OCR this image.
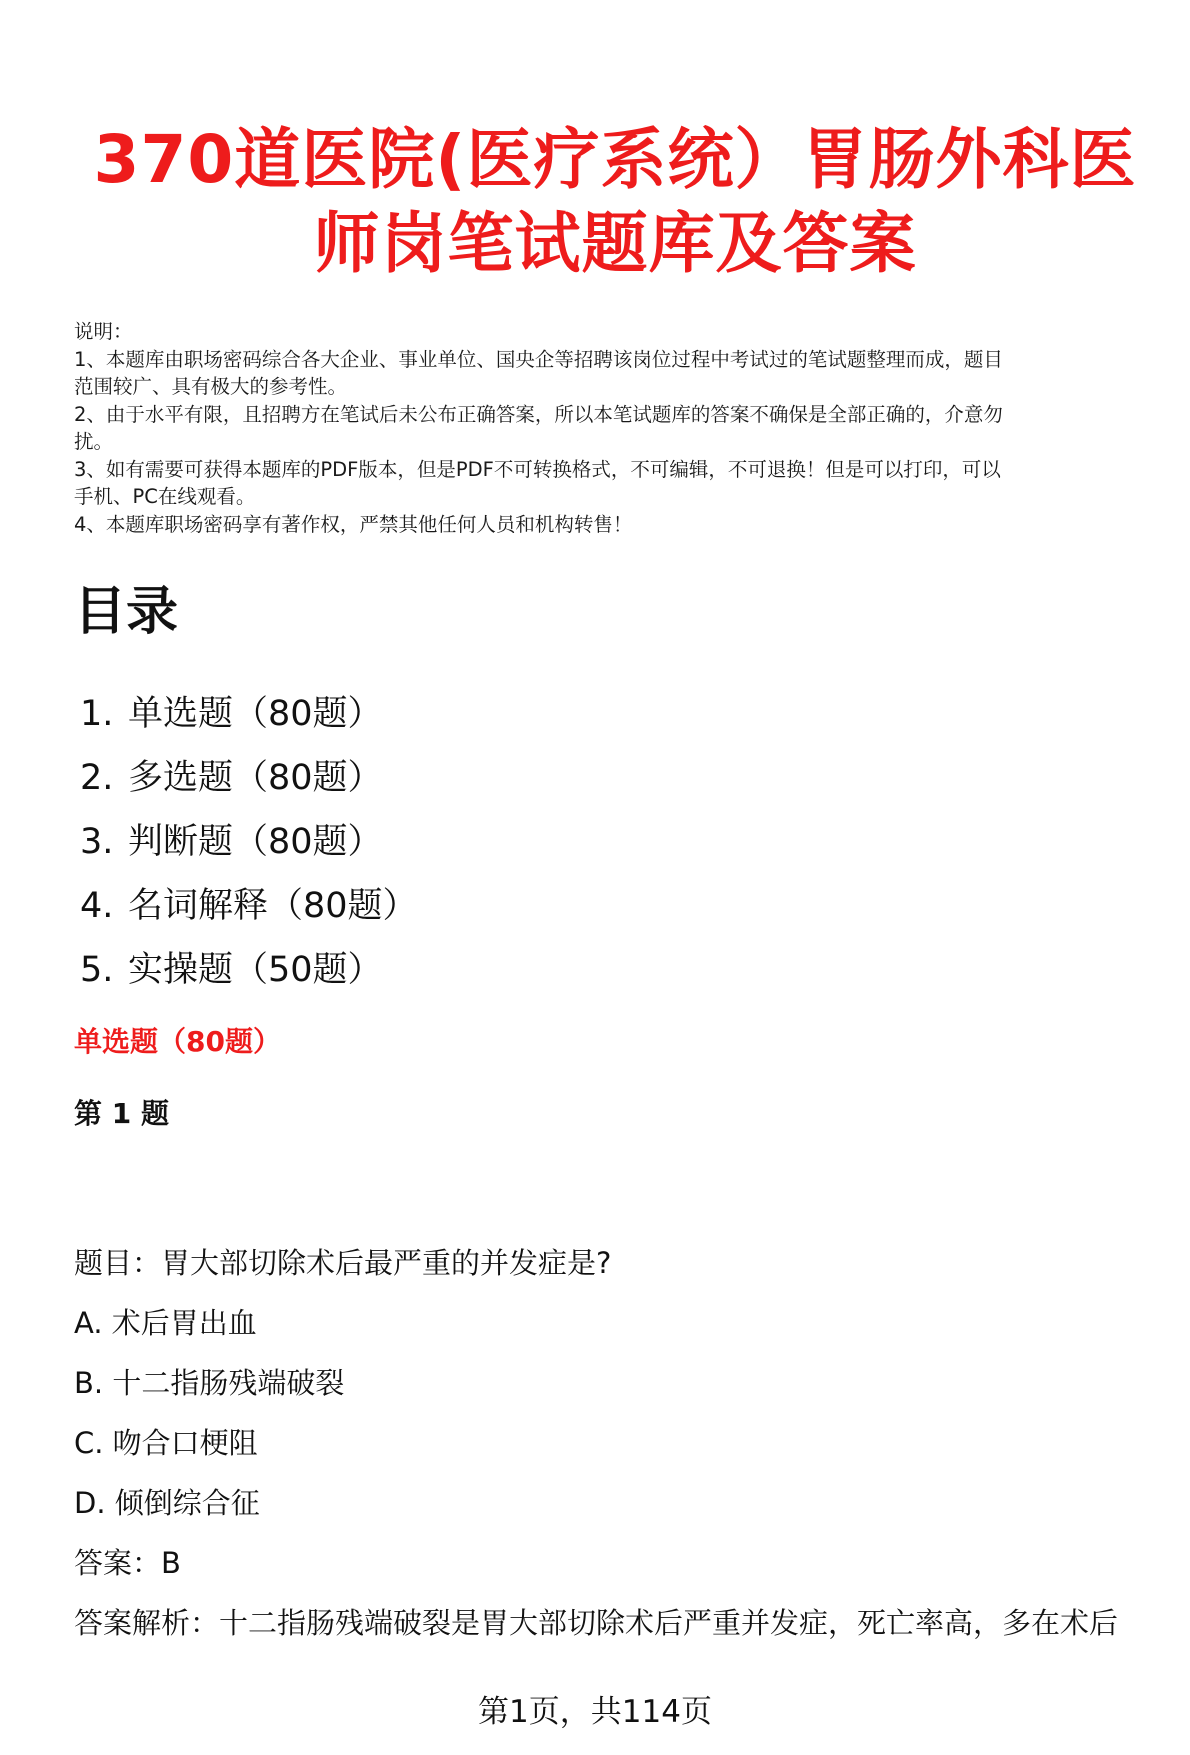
370道医院(医疗系统）胃肠外科医
师岗笔试题库及答案
说明：
1、本题库由职场密码综合各大企业、事业单位、国央企等招聘该岗位过程中考试过的笔试题整理而成，题目
范围较广、具有极大的参考性。
2、由于水平有限，且招聘方在笔试后未公布正确答案，所以本笔试题库的答案不确保是全部正确的，介意勿
扰。
3、如有需要可获得本题库的PDF版本，但是PDF不可转换格式，不可编辑，不可退换！但是可以打印，可以
手机、PC在线观看。
4、本题库职场密码享有著作权，严禁其他任何人员和机构转售！
目录
1. 单选题（80题）
2. 多选题（80题）
3. 判断题（80题）
4. 名词解释（80题）
5. 实操题（50题）
单选题（80题）
第 1 题
题目：胃大部切除术后最严重的并发症是?
A. 术后胃出血
B. 十二指肠残端破裂
C. 吻合口梗阻
D. 倾倒综合征
答案：B
答案解析：十二指肠残端破裂是胃大部切除术后严重并发症，死亡率高，多在术后
第1页，共114页
